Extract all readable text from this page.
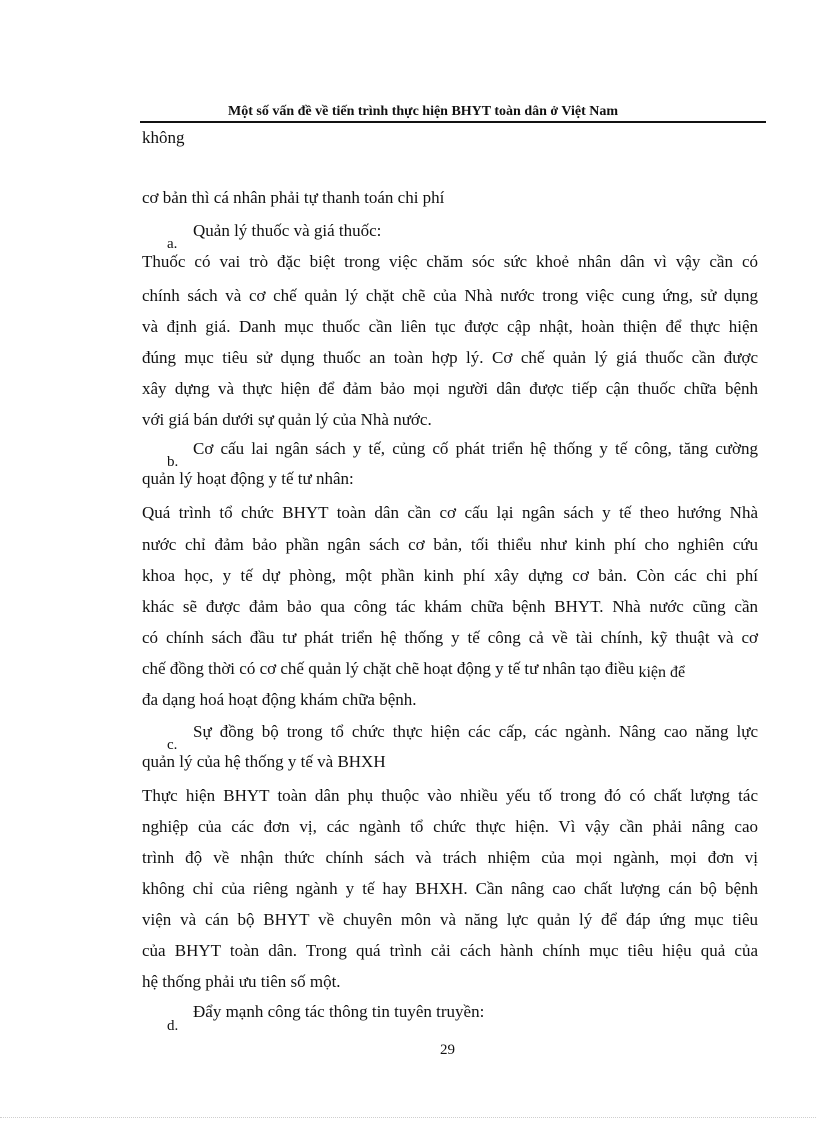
Một số vấn đề về tiến trình thực hiện BHYT toàn dân ở Việt Nam
không
cơ bản thì cá nhân phải tự thanh toán chi phí
Quản lý thuốc và giá thuốc:
a.
Thuốc có vai trò đặc biệt trong việc chăm sóc sức khoẻ nhân dân vì vậy cần có
chính sách và cơ chế quản lý chặt chẽ của Nhà nước trong việc cung ứng, sử dụng
và định giá. Danh mục thuốc cần liên tục được cập nhật, hoàn thiện để thực hiện
đúng mục tiêu sử dụng thuốc an toàn hợp lý. Cơ chế quản lý giá thuốc cần được
xây dựng và thực hiện để đảm bảo mọi người dân được tiếp cận thuốc chữa bệnh
với giá bán dưới sự quản lý của Nhà nước.
Cơ cấu lai ngân sách y tế, củng cố phát triển hệ thống y tế công, tăng cường
b.
quản lý hoạt động y tế tư nhân:
Quá trình tổ chức BHYT toàn dân cần cơ cấu lại ngân sách y tế theo hướng Nhà
nước chỉ đảm bảo phần ngân sách cơ bản, tối thiểu như kinh phí cho nghiên cứu
khoa học, y tế dự phòng, một phần kinh phí xây dựng cơ bản. Còn các chi phí
khác sẽ được đảm bảo qua công tác khám chữa bệnh BHYT. Nhà nước cũng cần
có chính sách đầu tư phát triển hệ thống y tế công cả về tài chính, kỹ thuật và cơ
chế đồng thời có cơ chế quản lý chặt chẽ hoạt động y tế tư nhân tạo điều kiện để
đa dạng hoá hoạt động khám chữa bệnh.
Sự đồng bộ trong tổ chức thực hiện các cấp, các ngành. Nâng cao năng lực
c.
quản lý của hệ thống y tế và BHXH
Thực hiện BHYT toàn dân phụ thuộc vào nhiều yếu tố trong đó có chất lượng tác
nghiệp của các đơn vị, các ngành tổ chức thực hiện. Vì vậy cần phải nâng cao
trình độ về nhận thức chính sách và trách nhiệm của mọi ngành, mọi đơn vị
không chỉ của riêng ngành y tế hay BHXH. Cần nâng cao chất lượng cán bộ bệnh
viện và cán bộ BHYT về chuyên môn và năng lực quản lý để đáp ứng mục tiêu
của BHYT toàn dân. Trong quá trình cải cách hành chính mục tiêu hiệu quả của
hệ thống phải ưu tiên số một.
Đẩy mạnh công tác thông tin tuyên truyền:
d.
29
